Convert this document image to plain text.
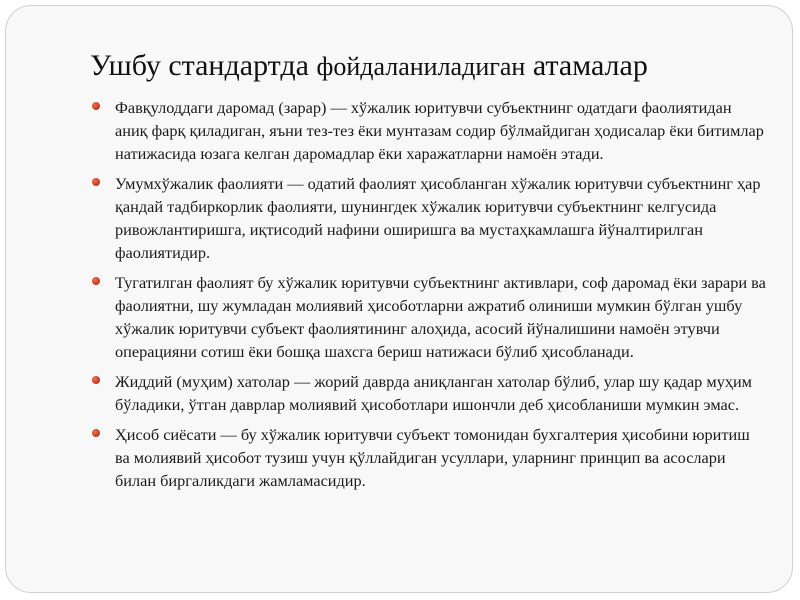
Ушбу стандартда фойдаланиладиган атамалар
Фавқулоддаги даромад (зарар) — хўжалик юритувчи субъектнинг одатдаги фаолиятидан аниқ фарқ қиладиган, яъни тез-тез ёки мунтазам содир бўлмайдиган ҳодисалар ёки битимлар натижасида юзага келган даромадлар ёки харажатларни намоён этади.
Умумхўжалик фаолияти — одатий фаолият ҳисобланган хўжалик юритувчи субъектнинг ҳар қандай тадбиркорлик фаолияти, шунингдек хўжалик юритувчи субъектнинг келгусида ривожлантиришга, иқтисодий нафини оширишга ва мустаҳкамлашга йўналтирилган фаолиятидир.
Тугатилган фаолият бу хўжалик юритувчи субъектнинг активлари, соф даромад ёки зарари ва фаолиятни, шу жумладан молиявий ҳисоботларни ажратиб олиниши мумкин бўлган ушбу хўжалик юритувчи субъект фаолиятининг алоҳида, асосий йўналишини намоён этувчи операцияни сотиш ёки бошқа шахсга бериш натижаси бўлиб ҳисобланади.
Жиддий (муҳим) хатолар — жорий даврда аниқланган хатолар бўлиб, улар шу қадар муҳим бўладики, ўтган даврлар молиявий ҳисоботлари ишончли деб ҳисобланиши мумкин эмас.
Ҳисоб сиёсати — бу хўжалик юритувчи субъект томонидан бухгалтерия ҳисобини юритиш ва молиявий ҳисобот тузиш учун қўллайдиган усуллари, уларнинг принцип ва асослари билан биргаликдаги жамламасидир.
